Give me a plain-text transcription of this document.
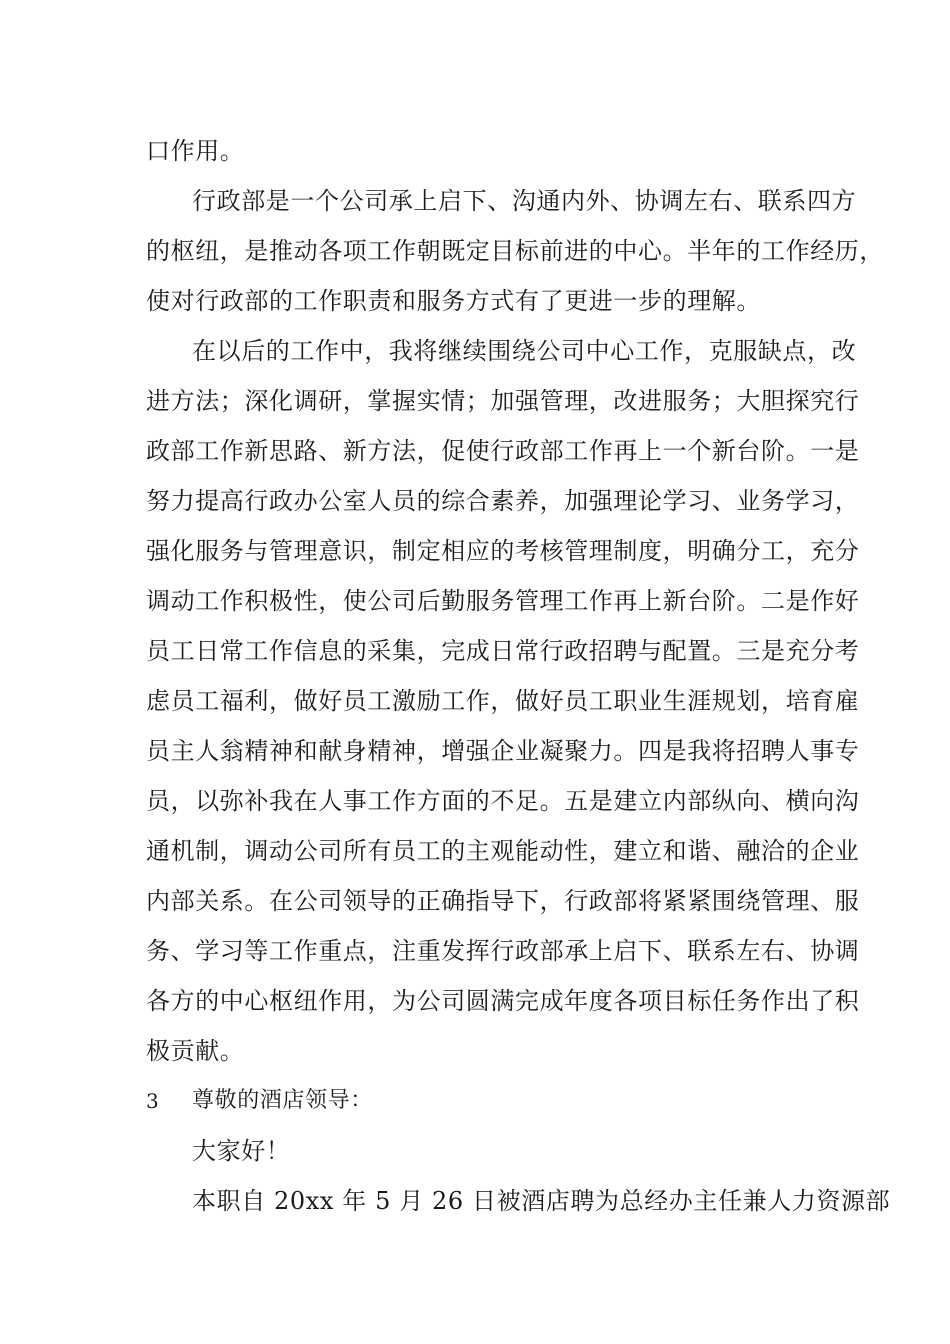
口作用。
行政部是一个公司承上启下、沟通内外、协调左右、联系四方
的枢纽，是推动各项工作朝既定目标前进的中心。半年的工作经历，
使对行政部的工作职责和服务方式有了更进一步的理解。
在以后的工作中，我将继续围绕公司中心工作，克服缺点，改
进方法；深化调研，掌握实情；加强管理，改进服务；大胆探究行
政部工作新思路、新方法，促使行政部工作再上一个新台阶。一是
努力提高行政办公室人员的综合素养，加强理论学习、业务学习，
强化服务与管理意识，制定相应的考核管理制度，明确分工，充分
调动工作积极性，使公司后勤服务管理工作再上新台阶。二是作好
员工日常工作信息的采集，完成日常行政招聘与配置。三是充分考
虑员工福利，做好员工激励工作，做好员工职业生涯规划，培育雇
员主人翁精神和献身精神，增强企业凝聚力。四是我将招聘人事专
员，以弥补我在人事工作方面的不足。五是建立内部纵向、横向沟
通机制，调动公司所有员工的主观能动性，建立和谐、融洽的企业
内部关系。在公司领导的正确指导下，行政部将紧紧围绕管理、服
务、学习等工作重点，注重发挥行政部承上启下、联系左右、协调
各方的中心枢纽作用，为公司圆满完成年度各项目标任务作出了积
极贡献。
3 尊敬的酒店领导：
大家好！
本职自 20xx 年 5 月 26 日被酒店聘为总经办主任兼人力资源部
